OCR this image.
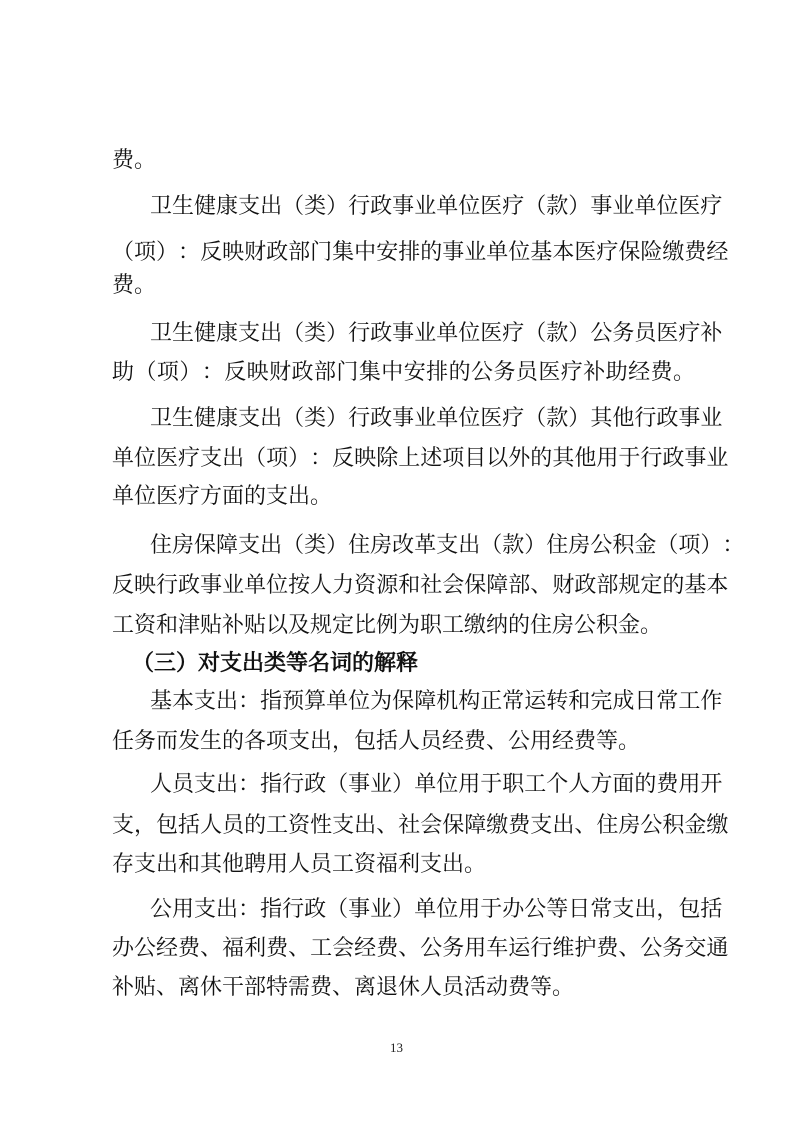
费。
卫 生 健 康 支 出 （ 类 ） 行 政 事 业 单 位 医 疗 （ 款 ） 事 业 单 位 医 疗
（ 项 ） ： 反 映 财 政 部 门 集 中 安 排 的 事 业 单 位 基 本 医 疗 保 险 缴 费 经
费。
卫 生 健 康 支 出 （ 类 ） 行 政 事 业 单 位 医 疗 （ 款 ） 公 务 员 医 疗 补
助 （ 项 ） ： 反 映 财 政 部 门 集 中 安 排 的 公 务 员 医 疗 补 助 经 费 。
卫 生 健 康 支 出 （ 类 ） 行 政 事 业 单 位 医 疗 （ 款 ） 其 他 行 政 事 业
单 位 医 疗 支 出 （ 项 ） ： 反 映 除 上 述 项 目 以 外 的 其 他 用 于 行 政 事 业
单位医疗方面的支出。
住 房 保 障 支 出 （ 类 ） 住 房 改 革 支 出 （ 款 ） 住 房 公 积 金 （ 项 ） ：
反 映 行 政 事 业 单 位 按 人 力 资 源 和 社 会 保 障 部 、 财 政 部 规 定 的 基 本
工资和津贴补贴以及规定比例为职工缴纳的住房公积金。
（三）对支出类等名词的解释
基 本 支 出 ： 指 预 算 单 位 为 保 障 机 构 正 常 运 转 和 完 成 日 常 工 作
任务而发生的各项支出，包括人员经费、公用经费等。
人 员 支 出 ： 指 行 政 （ 事 业 ） 单 位 用 于 职 工 个 人 方 面 的 费 用 开
支 ， 包 括 人 员 的 工 资 性 支 出 、 社 会 保 障 缴 费 支 出 、 住 房 公 积 金 缴
存支出和其他聘用人员工资福利支出。
公 用 支 出 ： 指 行 政 （ 事 业 ） 单 位 用 于 办 公 等 日 常 支 出 ， 包 括
办 公 经 费 、 福 利 费 、 工 会 经 费 、 公 务 用 车 运 行 维 护 费 、 公 务 交 通
补贴、离休干部特需费、离退休人员活动费等。
13
